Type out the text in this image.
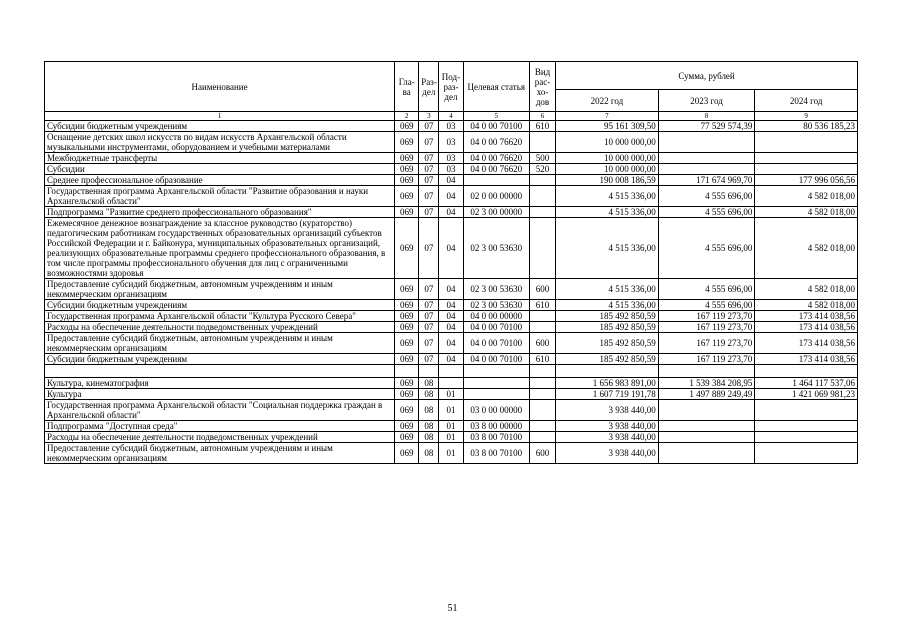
Наименование	Гла-ва	Раз-дел	Под-раз-дел	Целевая статья	Вид рас-хо-дов	Сумма, рублей		
						2022 год	2023 год	2024 год
1	2	3	4	5	6	7	8	9
Субсидии бюджетным учреждениям	069	07	03	04 0 00 70100	610	95 161 309,50	77 529 574,39	80 536 185,23
Оснащение детских школ искусств по видам искусств Архангельской области музыкальными инструментами, оборудованием и учебными материалами	069	07	03	04 0 00 76620		10 000 000,00		
Межбюджетные трансферты	069	07	03	04 0 00 76620	500	10 000 000,00		
Субсидии	069	07	03	04 0 00 76620	520	10 000 000,00		
Среднее профессиональное образование	069	07	04			190 008 186,59	171 674 969,70	177 996 056,56
Государственная программа Архангельской области "Развитие образования и науки Архангельской области"	069	07	04	02 0 00 00000		4 515 336,00	4 555 696,00	4 582 018,00
Подпрограмма "Развитие среднего профессионального образования"	069	07	04	02 3 00 00000		4 515 336,00	4 555 696,00	4 582 018,00
Ежемесячное денежное вознаграждение за классное руководство (кураторство) педагогическим работникам государственных образовательных организаций субъектов Российской Федерации и г. Байконура, муниципальных образовательных организаций, реализующих образовательные программы среднего профессионального образования, в том числе программы профессионального обучения для лиц с ограниченными возможностями здоровья	069	07	04	02 3 00 53630		4 515 336,00	4 555 696,00	4 582 018,00
Предоставление субсидий бюджетным, автономным учреждениям и иным некоммерческим организациям	069	07	04	02 3 00 53630	600	4 515 336,00	4 555 696,00	4 582 018,00
Субсидии бюджетным учреждениям	069	07	04	02 3 00 53630	610	4 515 336,00	4 555 696,00	4 582 018,00
Государственная программа Архангельской области "Культура Русского Севера"	069	07	04	04 0 00 00000		185 492 850,59	167 119 273,70	173 414 038,56
Расходы на обеспечение деятельности подведомственных учреждений	069	07	04	04 0 00 70100		185 492 850,59	167 119 273,70	173 414 038,56
Предоставление субсидий бюджетным, автономным учреждениям и иным некоммерческим организациям	069	07	04	04 0 00 70100	600	185 492 850,59	167 119 273,70	173 414 038,56
Субсидии бюджетным учреждениям	069	07	04	04 0 00 70100	610	185 492 850,59	167 119 273,70	173 414 038,56

Культура, кинематография	069	08				1 656 983 891,00	1 539 384 208,95	1 464 117 537,06
Культура	069	08	01			1 607 719 191,78	1 497 889 249,49	1 421 069 981,23
Государственная программа Архангельской области "Социальная поддержка граждан в Архангельской области"	069	08	01	03 0 00 00000		3 938 440,00		
Подпрограмма "Доступная среда"	069	08	01	03 8 00 00000		3 938 440,00		
Расходы на обеспечение деятельности подведомственных учреждений	069	08	01	03 8 00 70100		3 938 440,00		
Предоставление субсидий бюджетным, автономным учреждениям и иным некоммерческим организациям	069	08	01	03 8 00 70100	600	3 938 440,00		
51
